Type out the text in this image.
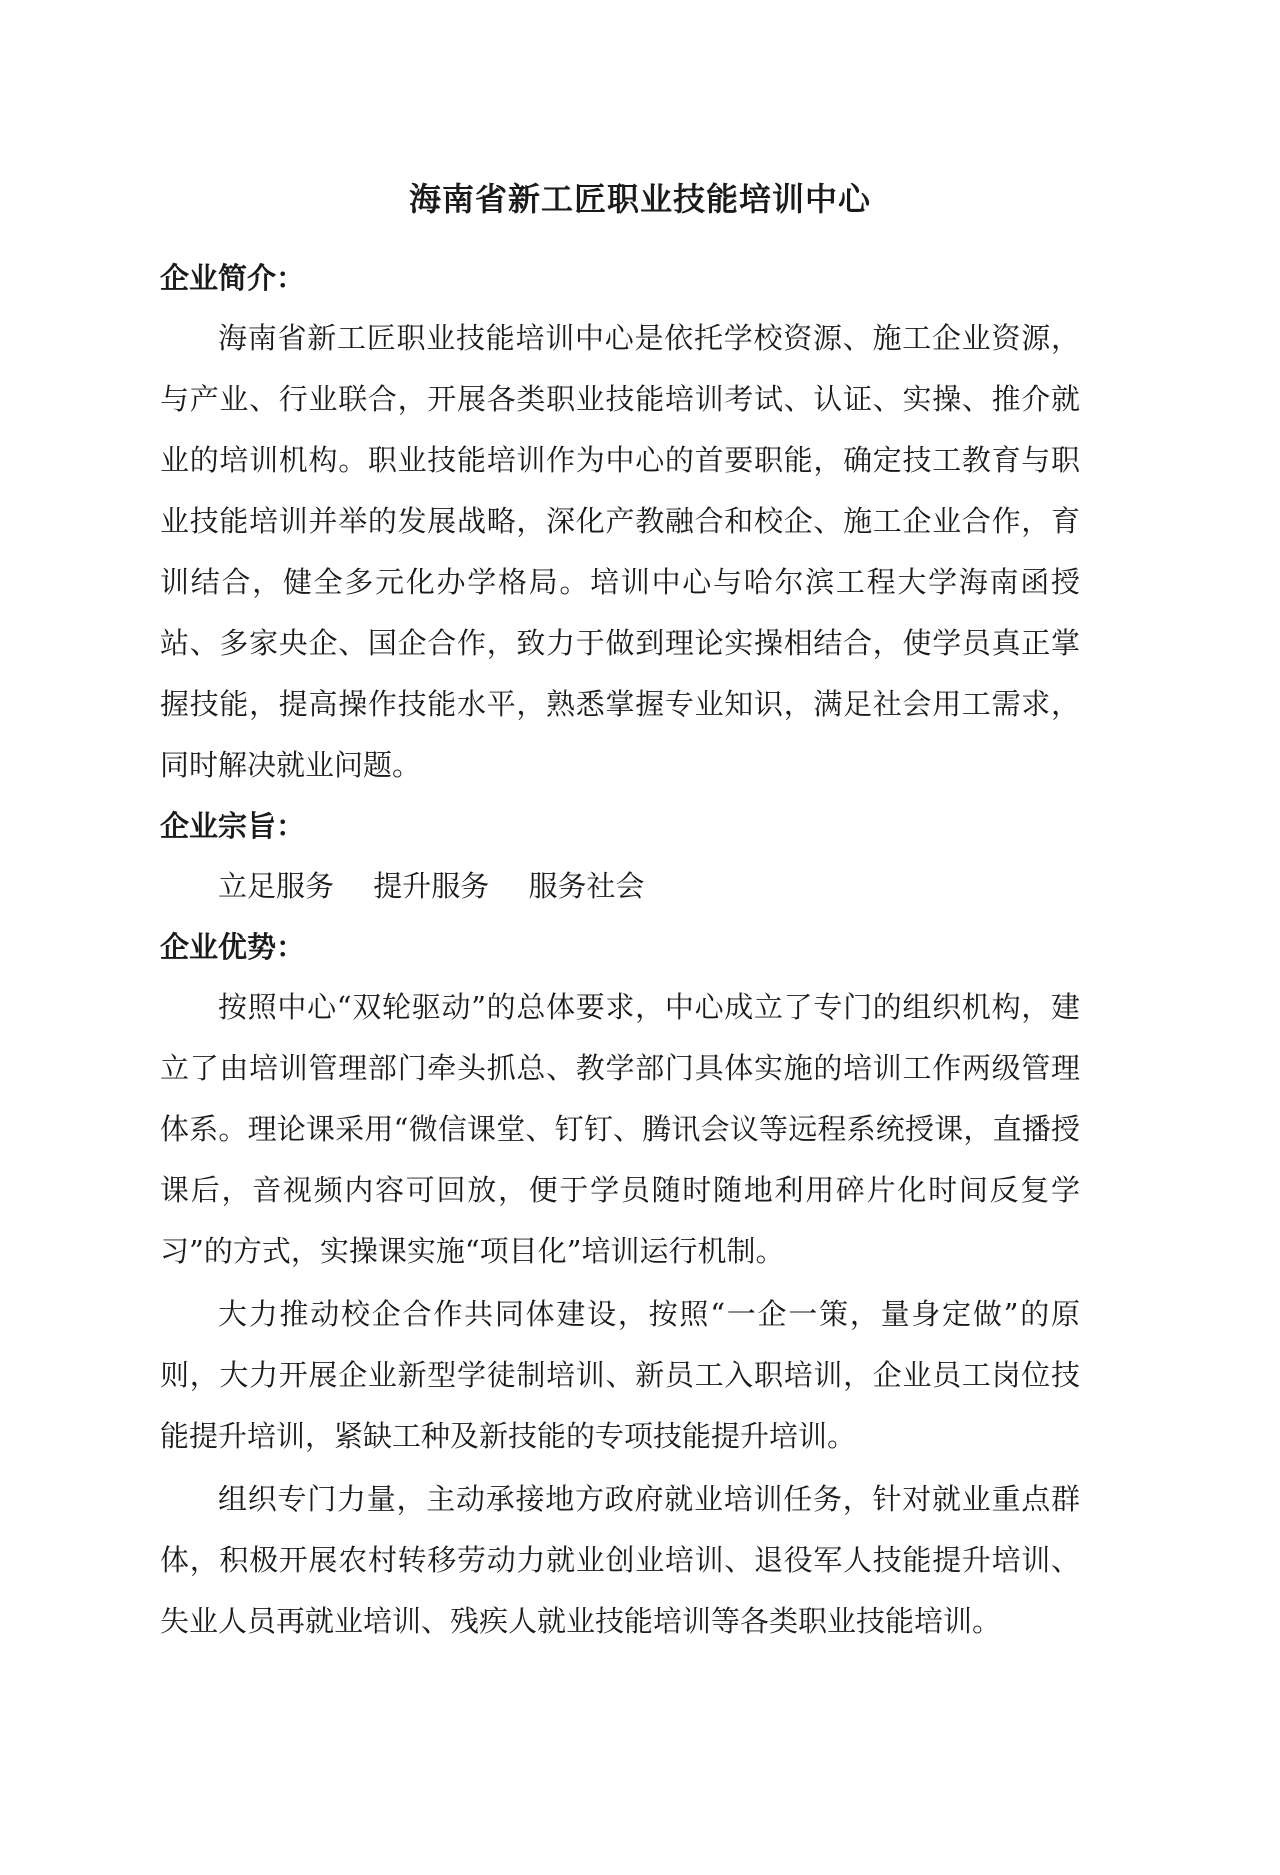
海南省新工匠职业技能培训中心

企业简介：

海南省新工匠职业技能培训中心是依托学校资源、施工企业资源，与产业、行业联合，开展各类职业技能培训考试、认证、实操、推介就业的培训机构。职业技能培训作为中心的首要职能，确定技工教育与职业技能培训并举的发展战略，深化产教融合和校企、施工企业合作，育训结合，健全多元化办学格局。培训中心与哈尔滨工程大学海南函授站、多家央企、国企合作，致力于做到理论实操相结合，使学员真正掌握技能，提高操作技能水平，熟悉掌握专业知识，满足社会用工需求，同时解决就业问题。

企业宗旨：

立足服务 提升服务 服务社会

企业优势：

按照中心“双轮驱动”的总体要求，中心成立了专门的组织机构，建立了由培训管理部门牵头抓总、教学部门具体实施的培训工作两级管理体系。理论课采用“微信课堂、钉钉、腾讯会议等远程系统授课，直播授课后，音视频内容可回放，便于学员随时随地利用碎片化时间反复学习”的方式，实操课实施“项目化”培训运行机制。

大力推动校企合作共同体建设，按照“一企一策，量身定做”的原则，大力开展企业新型学徒制培训、新员工入职培训，企业员工岗位技能提升培训，紧缺工种及新技能的专项技能提升培训。

组织专门力量，主动承接地方政府就业培训任务，针对就业重点群体，积极开展农村转移劳动力就业创业培训、退役军人技能提升培训、失业人员再就业培训、残疾人就业技能培训等各类职业技能培训。
